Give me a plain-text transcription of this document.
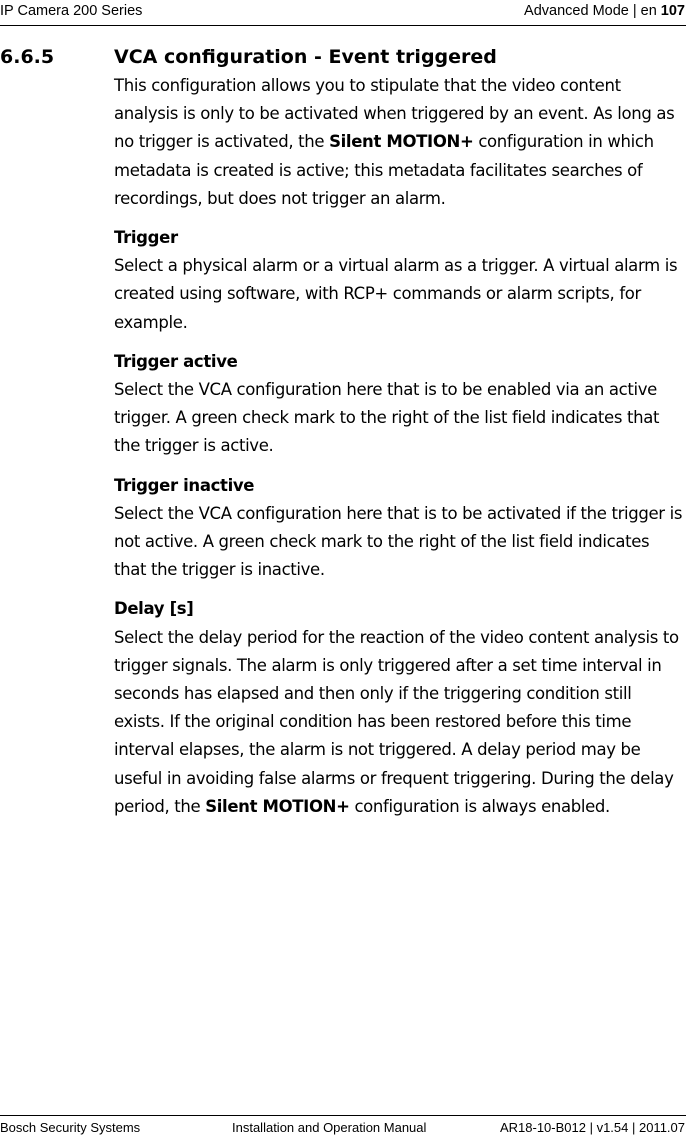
IP Camera 200 Series	Advanced Mode | en 107
6.6.5	VCA configuration - Event triggered

This configuration allows you to stipulate that the video content analysis is only to be activated when triggered by an event. As long as no trigger is activated, the Silent MOTION+ configuration in which metadata is created is active; this metadata facilitates searches of recordings, but does not trigger an alarm.

Trigger

Select a physical alarm or a virtual alarm as a trigger. A virtual alarm is created using software, with RCP+ commands or alarm scripts, for example.

Trigger active

Select the VCA configuration here that is to be enabled via an active trigger. A green check mark to the right of the list field indicates that the trigger is active.

Trigger inactive

Select the VCA configuration here that is to be activated if the trigger is not active. A green check mark to the right of the list field indicates that the trigger is inactive.

Delay [s]

Select the delay period for the reaction of the video content analysis to trigger signals. The alarm is only triggered after a set time interval in seconds has elapsed and then only if the triggering condition still exists. If the original condition has been restored before this time interval elapses, the alarm is not triggered. A delay period may be useful in avoiding false alarms or frequent triggering. During the delay period, the Silent MOTION+ configuration is always enabled.

Bosch Security Systems	Installation and Operation Manual	AR18-10-B012 | v1.54 | 2011.07
